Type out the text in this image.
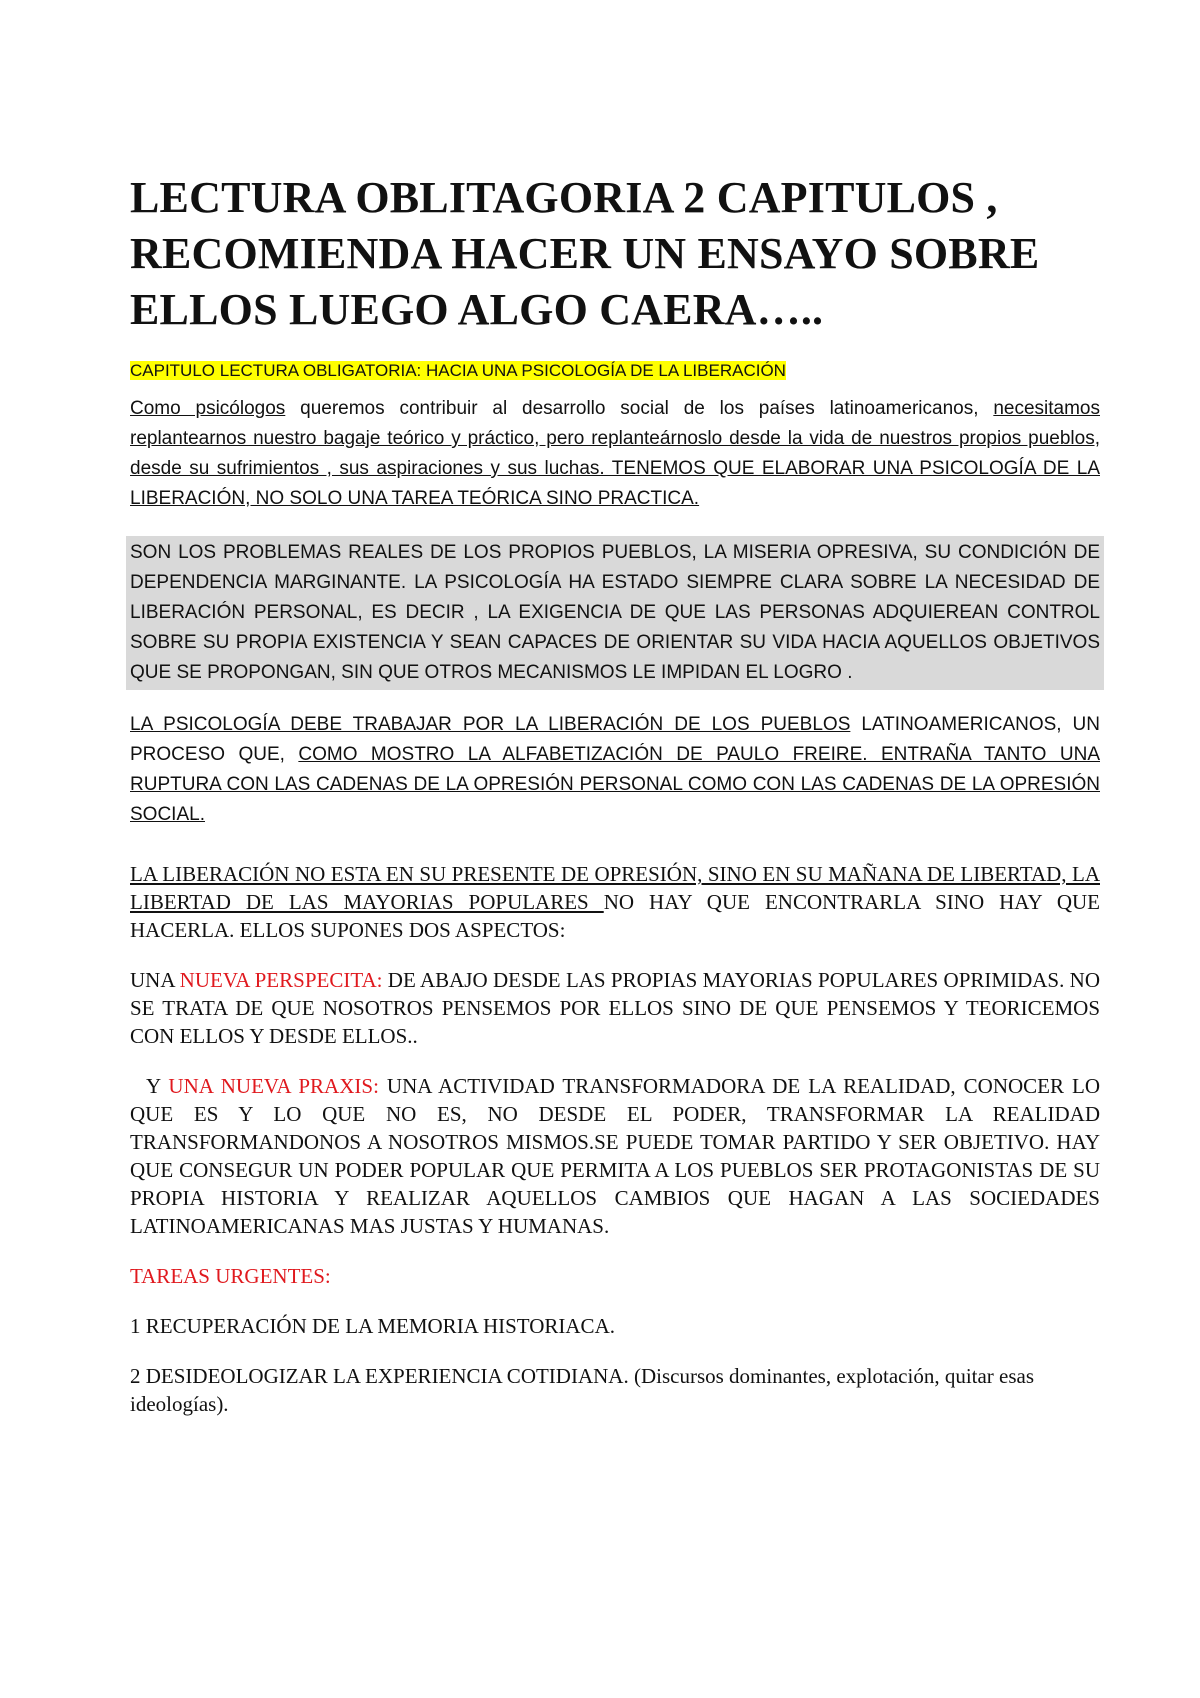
LECTURA OBLITAGORIA 2 CAPITULOS , RECOMIENDA HACER UN ENSAYO SOBRE ELLOS LUEGO ALGO CAERA…..

CAPITULO LECTURA OBLIGATORIA: HACIA UNA PSICOLOGÍA DE LA LIBERACIÓN

Como psicólogos queremos contribuir al desarrollo social de los países latinoamericanos, necesitamos replantearnos nuestro bagaje teórico y práctico, pero replanteárnoslo desde la vida de nuestros propios pueblos, desde su sufrimientos , sus aspiraciones y sus luchas. TENEMOS QUE ELABORAR UNA PSICOLOGÍA DE LA LIBERACIÓN, NO SOLO UNA TAREA TEÓRICA SINO PRACTICA.

SON LOS PROBLEMAS REALES DE LOS PROPIOS PUEBLOS, LA MISERIA OPRESIVA, SU CONDICIÓN DE DEPENDENCIA MARGINANTE. LA PSICOLOGÍA HA ESTADO SIEMPRE CLARA SOBRE LA NECESIDAD DE LIBERACIÓN PERSONAL, ES DECIR , LA EXIGENCIA DE QUE LAS PERSONAS ADQUIEREAN CONTROL SOBRE SU PROPIA EXISTENCIA Y SEAN CAPACES DE ORIENTAR SU VIDA HACIA AQUELLOS OBJETIVOS QUE SE PROPONGAN, SIN QUE OTROS MECANISMOS LE IMPIDAN EL LOGRO .

LA PSICOLOGÍA DEBE TRABAJAR POR LA LIBERACIÓN DE LOS PUEBLOS LATINOAMERICANOS, UN PROCESO QUE, COMO MOSTRO LA ALFABETIZACIÓN DE PAULO FREIRE. ENTRAÑA TANTO UNA RUPTURA CON LAS CADENAS DE LA OPRESIÓN PERSONAL COMO CON LAS CADENAS DE LA OPRESIÓN SOCIAL.

LA LIBERACIÓN NO ESTA EN SU PRESENTE DE OPRESIÓN, SINO EN SU MAÑANA DE LIBERTAD, LA LIBERTAD DE LAS MAYORIAS POPULARES NO HAY QUE ENCONTRARLA SINO HAY QUE HACERLA. ELLOS SUPONES DOS ASPECTOS:

UNA NUEVA PERSPECITA: DE ABAJO DESDE LAS PROPIAS MAYORIAS POPULARES OPRIMIDAS. NO SE TRATA DE QUE NOSOTROS PENSEMOS POR ELLOS SINO DE QUE PENSEMOS Y TEORICEMOS CON ELLOS Y DESDE ELLOS..

Y UNA NUEVA PRAXIS: UNA ACTIVIDAD TRANSFORMADORA DE LA REALIDAD, CONOCER LO QUE ES Y LO QUE NO ES, NO DESDE EL PODER, TRANSFORMAR LA REALIDAD TRANSFORMANDONOS A NOSOTROS MISMOS.SE PUEDE TOMAR PARTIDO Y SER OBJETIVO. HAY QUE CONSEGUR UN PODER POPULAR QUE PERMITA A LOS PUEBLOS SER PROTAGONISTAS DE SU PROPIA HISTORIA Y REALIZAR AQUELLOS CAMBIOS QUE HAGAN A LAS SOCIEDADES LATINOAMERICANAS MAS JUSTAS Y HUMANAS.

TAREAS URGENTES:

1 RECUPERACIÓN DE LA MEMORIA HISTORIACA.

2 DESIDEOLOGIZAR LA EXPERIENCIA COTIDIANA. (Discursos dominantes, explotación, quitar esas ideologías).
